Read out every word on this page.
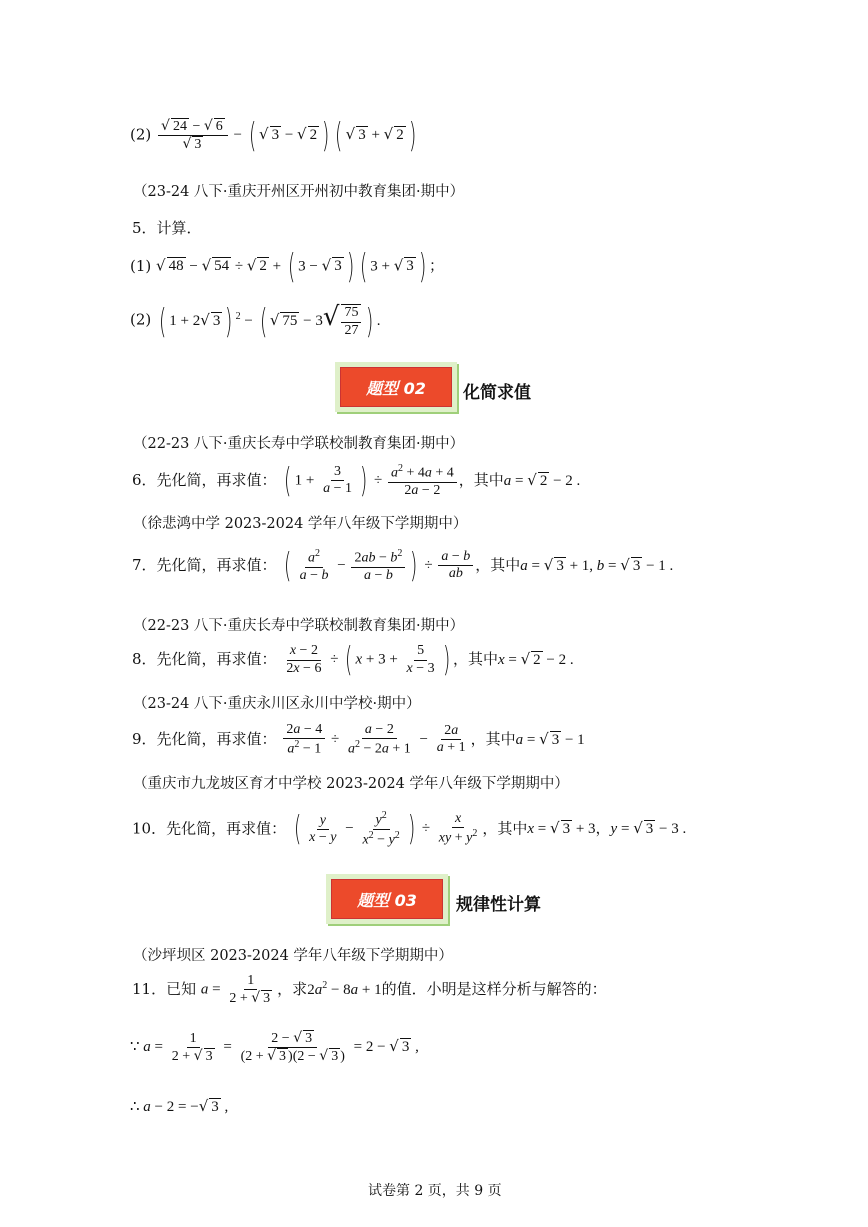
$(2) \frac{√ 24 - √ 6}{√ 3}$ − ( √ 3 − √ 2 ) ( √ 3 + √ 2 )
（23-24 八下·重庆开州区开州初中教育集团·期中）
5．计算．
(1) √ 48 − √ 54 ÷ √ 2 + ( 3 − √ 3 ) ( 3 + √ 3 ) ；
(2) ( 1 + 2√ 3 ) $^2$ − ( √ $75 - 3√ \frac{75}{27}$ ) .
题型 02	化简求值
（22-23 八下·重庆长寿中学联校制教育集团·期中）
6．先化简，再求值： ( $1 + \frac{3}{a - 1}$ ) ÷ $\frac{a^2 + 4a + 4}{2a - 2}$ ，其中a = √ 2 − 2 .
（徐悲鸿中学 2023-2024 学年八年级下学期期中）
7．先化简，再求值： ( $\frac{a^2}{a - b} - \frac{2ab - b^2}{a - b}$ ) ÷ $\frac{a - b}{ab}$ ，其中a = √ 3 + 1, b = √ 3 − 1 .
（22-23 八下·重庆长寿中学联校制教育集团·期中）
8．先化简，再求值： $\frac{x - 2}{2x - 6}$ ÷ ( $x + 3 + \frac{5}{x - 3}$ ) ，其中x = √ 2 − 2 .
（23-24 八下·重庆永川区永川中学校·期中）
9．先化简，再求值： $\frac{2a - 4}{a^2 - 1} \div \frac{a - 2}{a^2 - 2a + 1} - \frac{2a}{a + 1}$ ，其中a = √ 3 − 1
（重庆市九龙坡区育才中学校 2023-2024 学年八年级下学期期中）
10．先化简，再求值： ( $\frac{y}{x - y} - \frac{y^2}{x^2 - y^2}$ ) ÷ $\frac{x}{xy + y^2}$ ，其中x = √ 3 + 3，y = √ 3 − 3 .
题型 03	规律性计算
（沙坪坝区 2023-2024 学年八年级下学期期中）
11．已知 $a = \frac{1}{2 + √ 3}$ ，求$2a^2 - 8a + 1$的值．小明是这样分析与解答的：
∵ $a = \frac{1}{2 + √ 3} = \frac{2 - √ 3}{(2 + √ 3 )(2 - √ 3 )} = 2$ − √ 3 ,
∴ a − 2 = −√ 3 ,
试卷第 2 页，共 9 页
